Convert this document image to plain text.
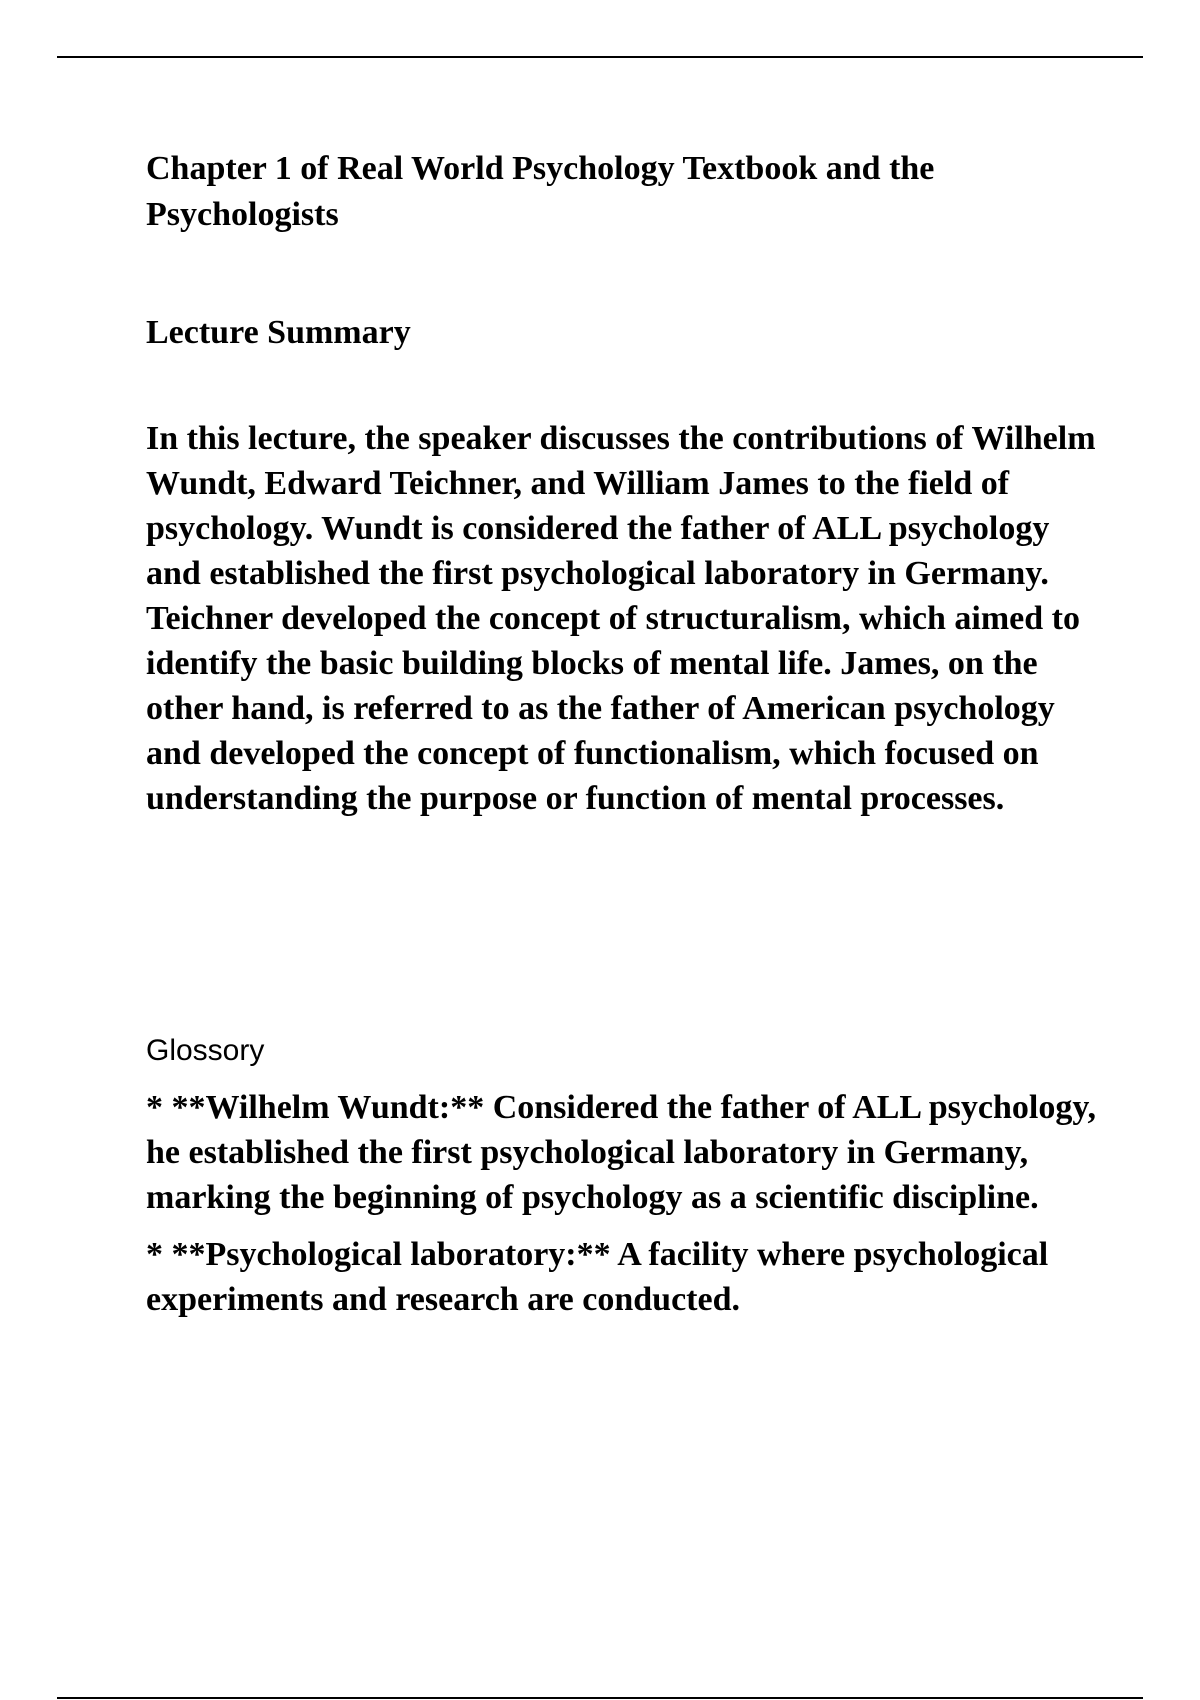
Chapter 1 of Real World Psychology Textbook and the Psychologists
Lecture Summary

In this lecture, the speaker discusses the contributions of Wilhelm Wundt, Edward Teichner, and William James to the field of psychology. Wundt is considered the father of ALL psychology and established the first psychological laboratory in Germany. Teichner developed the concept of structuralism, which aimed to identify the basic building blocks of mental life. James, on the other hand, is referred to as the father of American psychology and developed the concept of functionalism, which focused on understanding the purpose or function of mental processes.

Glossory

* **Wilhelm Wundt:** Considered the father of ALL psychology, he established the first psychological laboratory in Germany, marking the beginning of psychology as a scientific discipline.

* **Psychological laboratory:** A facility where psychological experiments and research are conducted.
